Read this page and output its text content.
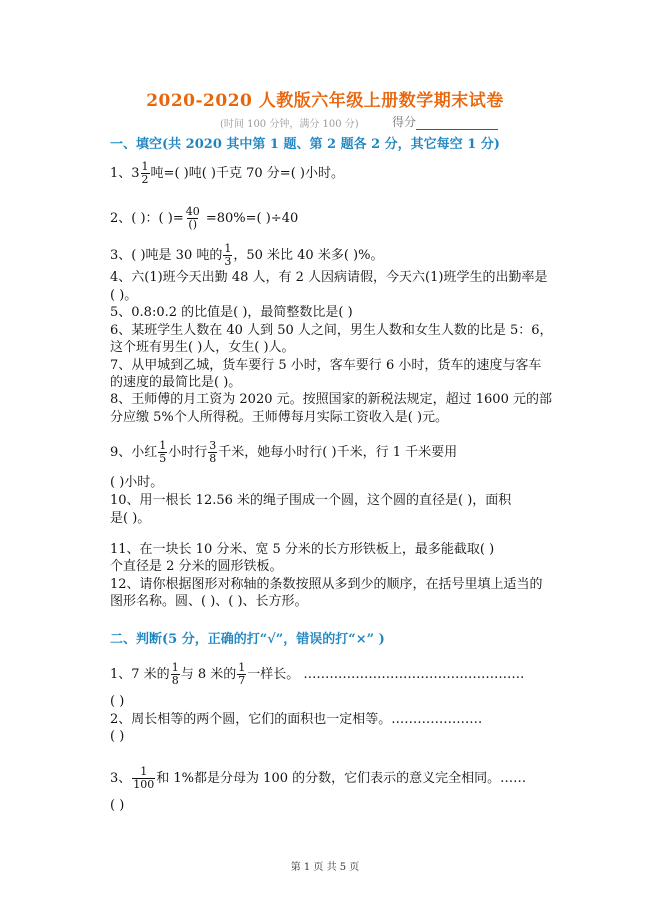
2020-2020 人教版六年级上册数学期末试卷
(时间 100 分钟，满分 100 分)	得分
一、填空(共 2020 其中第 1 题、第 2 题各 2 分，其它每空 1 分)
1、$3 \frac{1}{2}$ 吨=( )吨( )千克 70 分=( )小时。
2、( )：( )= 40
() =80%=( )÷40
3、( )吨是 30 吨的 $\frac{1}{3}$ ，50 米比 40 米多( )%。
4、六(1)班今天出勤 48 人，有 2 人因病请假，今天六(1)班学生的出勤率是
( )。
5、0.8:0.2 的比值是( )，最简整数比是( )
6、某班学生人数在 40 人到 50 人之间，男生人数和女生人数的比是 5：6，
这个班有男生( )人，女生( )人。
7、从甲城到乙城，货车要行 5 小时，客车要行 6 小时，货车的速度与客车
的速度的最简比是( )。
8、王师傅的月工资为 2020 元。按照国家的新税法规定，超过 1600 元的部
分应缴 5%个人所得税。王师傅每月实际工资收入是( )元。
9、小红 $\frac{1}{5}$ 小时行 $\frac{3}{8}$ 千米，她每小时行( )千米，行 1 千米要用
( )小时。
10、用一根长 12.56 米的绳子围成一个圆，这个圆的直径是( )，面积
是( )。
11、在一块长 10 分米、宽 5 分米的长方形铁板上，最多能截取( )
个直径是 2 分米的圆形铁板。
12、请你根据图形对称轴的条数按照从多到少的顺序，在括号里填上适当的
图形名称。圆、( )、( )、长方形。
二、判断(5 分，正确的打“√”，错误的打“×” )
1、7 米的 $\frac{1}{8}$ 与 8 米的 $\frac{1}{7}$ 一样长。 ……………………………………………
( )
2、周长相等的两个圆，它们的面积也一定相等。…………………
( )
3、 $\frac{1}{100}$ 和 1%都是分母为 100 的分数，它们表示的意义完全相同。……
( )
第 1 页 共 5 页
